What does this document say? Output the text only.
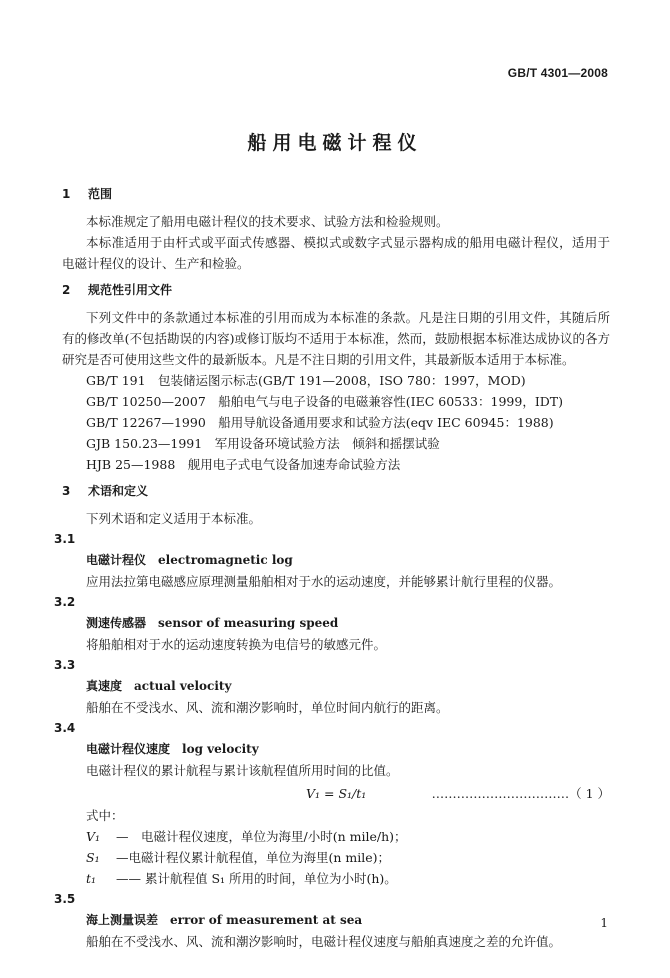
GB/T 4301—2008
船用电磁计程仪

1 范围

本标准规定了船用电磁计程仪的技术要求、试验方法和检验规则。

本标准适用于由杆式或平面式传感器、模拟式或数字式显示器构成的船用电磁计程仪，适用于电磁计程仪的设计、生产和检验。

2 规范性引用文件

下列文件中的条款通过本标准的引用而成为本标准的条款。凡是注日期的引用文件，其随后所有的修改单(不包括勘误的内容)或修订版均不适用于本标准，然而，鼓励根据本标准达成协议的各方研究是否可使用这些文件的最新版本。凡是不注日期的引用文件，其最新版本适用于本标准。

GB/T 191　包装储运图示标志(GB/T 191—2008，ISO 780：1997，MOD)

GB/T 10250—2007　船舶电气与电子设备的电磁兼容性(IEC 60533：1999，IDT)

GB/T 12267—1990　船用导航设备通用要求和试验方法(eqv IEC 60945：1988)

GJB 150.23—1991　军用设备环境试验方法　倾斜和摇摆试验

HJB 25—1988　舰用电子式电气设备加速寿命试验方法

3 术语和定义

下列术语和定义适用于本标准。

3.1

电磁计程仪 electromagnetic log

应用法拉第电磁感应原理测量船舶相对于水的运动速度，并能够累计航行里程的仪器。

3.2

测速传感器 sensor of measuring speed

将船舶相对于水的运动速度转换为电信号的敏感元件。

3.3

真速度 actual velocity

船舶在不受浅水、风、流和潮汐影响时，单位时间内航行的距离。

3.4

电磁计程仪速度 log velocity

电磁计程仪的累计航程与累计该航程值所用时间的比值。

V₁ = S₁/t₁	……………………………（ 1 ）

式中：

V₁ —　电磁计程仪速度，单位为海里/小时(n mile/h)；

S₁ —电磁计程仪累计航程值，单位为海里(n mile)；

t₁ —— 累计航程值 S₁ 所用的时间，单位为小时(h)。

3.5

海上测量误差 error of measurement at sea

船舶在不受浅水、风、流和潮汐影响时，电磁计程仪速度与船舶真速度之差的允许值。

1
